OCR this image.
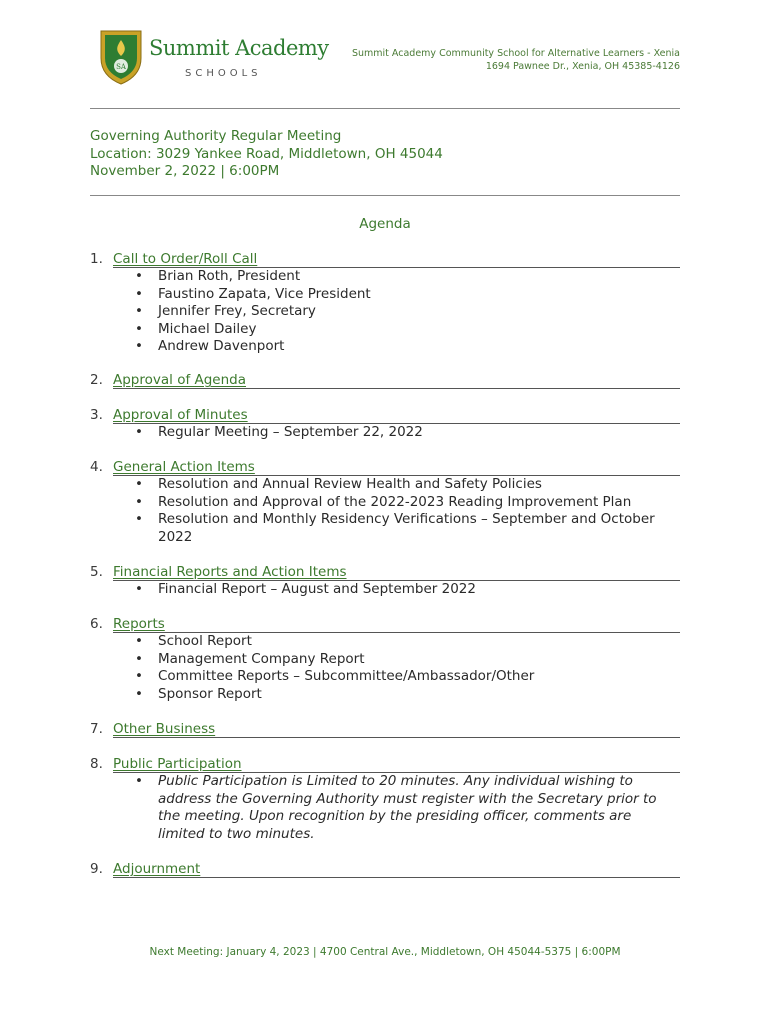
SA
Summit Academy
SCHOOLS
Summit Academy Community School for Alternative Learners - Xenia
1694 Pawnee Dr., Xenia, OH 45385-4126
Governing Authority Regular Meeting
Location: 3029 Yankee Road, Middletown, OH 45044
November 2, 2022 | 6:00PM
Agenda
1. Call to Order/Roll Call
• Brian Roth, President
• Faustino Zapata, Vice President
• Jennifer Frey, Secretary
• Michael Dailey
• Andrew Davenport
2. Approval of Agenda
3. Approval of Minutes
• Regular Meeting – September 22, 2022
4. General Action Items
• Resolution and Annual Review Health and Safety Policies
• Resolution and Approval of the 2022-2023 Reading Improvement Plan
• Resolution and Monthly Residency Verifications – September and October 2022
5. Financial Reports and Action Items
• Financial Report – August and September 2022
6. Reports
• School Report
• Management Company Report
• Committee Reports – Subcommittee/Ambassador/Other
• Sponsor Report
7. Other Business
8. Public Participation
• Public Participation is Limited to 20 minutes. Any individual wishing to address the Governing Authority must register with the Secretary prior to the meeting. Upon recognition by the presiding officer, comments are limited to two minutes.
9. Adjournment
Next Meeting: January 4, 2023 | 4700 Central Ave., Middletown, OH 45044-5375 | 6:00PM
